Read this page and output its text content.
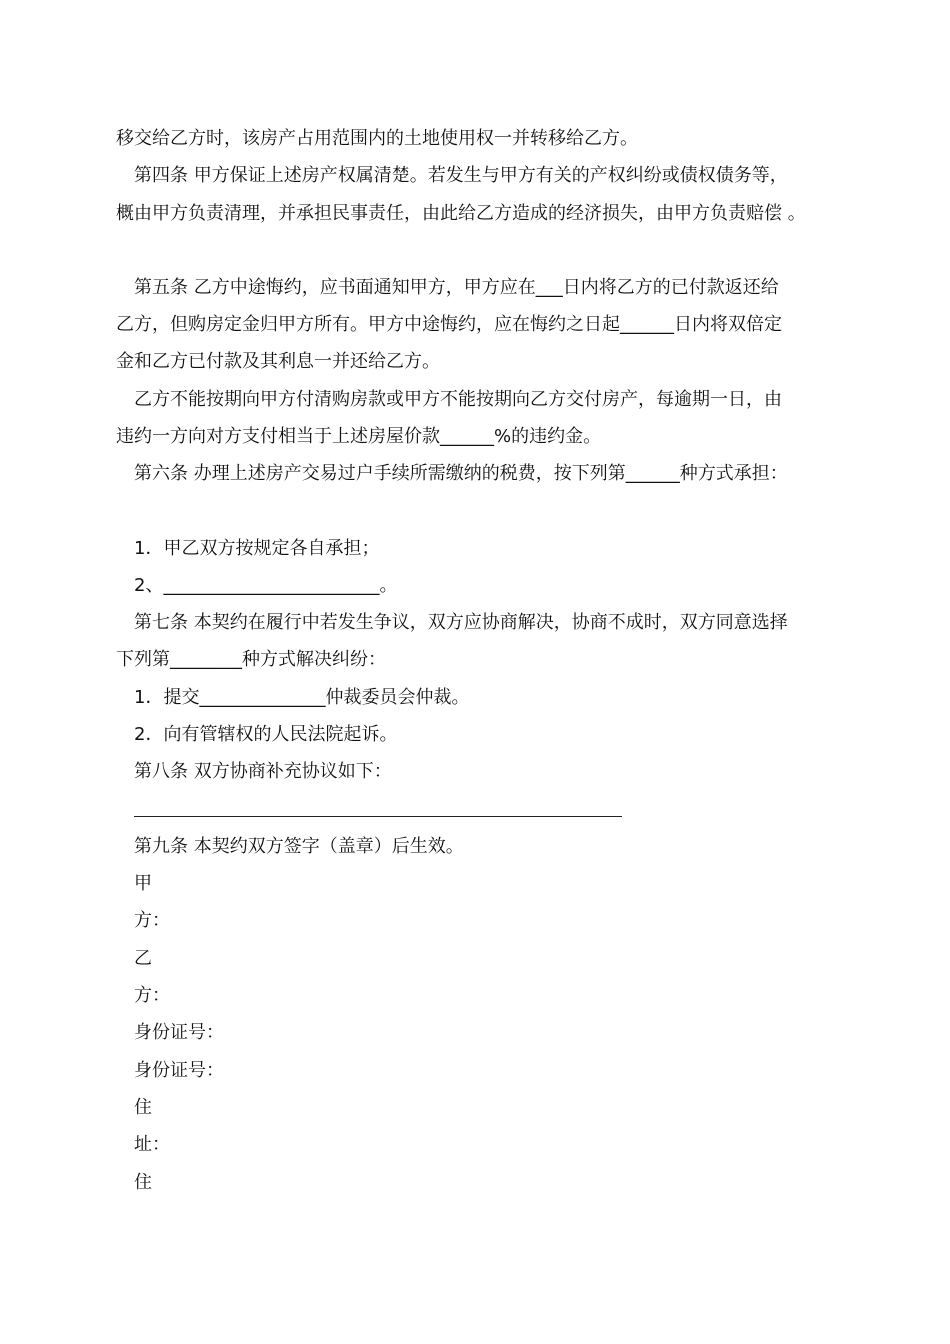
移交给乙方时，该房产占用范围内的土地使用权一并转移给乙方。
第四条 甲方保证上述房产权属清楚。若发生与甲方有关的产权纠纷或债权债务等，
概由甲方负责清理，并承担民事责任，由此给乙方造成的经济损失，由甲方负责赔偿 。
第五条 乙方中途悔约，应书面通知甲方，甲方应在___日内将乙方的已付款返还给
乙方，但购房定金归甲方所有。甲方中途悔约，应在悔约之日起______日内将双倍定
金和乙方已付款及其利息一并还给乙方。
乙方不能按期向甲方付清购房款或甲方不能按期向乙方交付房产，每逾期一日，由
违约一方向对方支付相当于上述房屋价款______%的违约金。
第六条 办理上述房产交易过户手续所需缴纳的税费，按下列第______种方式承担：
1．甲乙双方按规定各自承担；
2、________________________。
第七条 本契约在履行中若发生争议，双方应协商解决，协商不成时，双方同意选择
下列第________种方式解决纠纷：
1．提交______________仲裁委员会仲裁。
2．向有管辖权的人民法院起诉。
第八条 双方协商补充协议如下：
第九条 本契约双方签字（盖章）后生效。
甲
方：
乙
方：
身份证号：
身份证号：
住
址：
住
